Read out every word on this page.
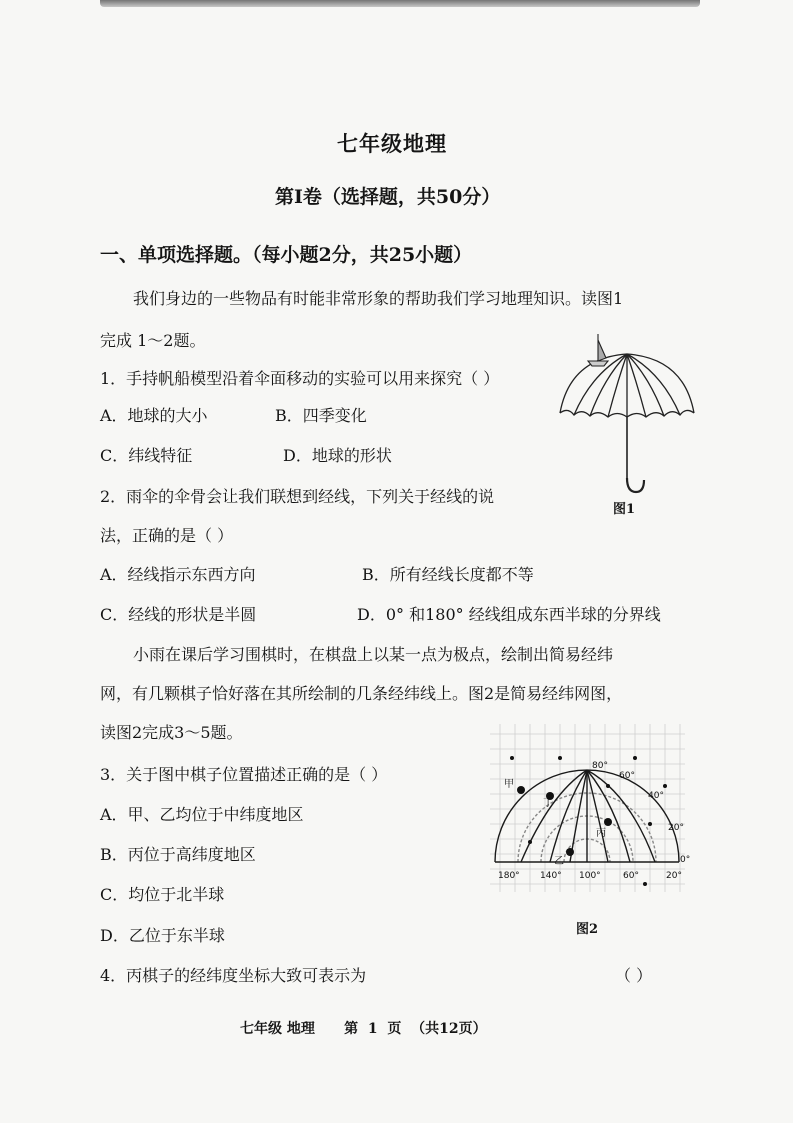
七年级地理
第Ⅰ卷（选择题，共50分）
一、单项选择题。（每小题2分，共25小题）
我们身边的一些物品有时能非常形象的帮助我们学习地理知识。读图1
完成 1～2题。
1．手持帆船模型沿着伞面移动的实验可以用来探究（ ）
A．地球的大小	B．四季变化
C．纬线特征	D．地球的形状
2．雨伞的伞骨会让我们联想到经线，下列关于经线的说
法，正确的是（ ）
A．经线指示东西方向	B．所有经线长度都不等
C．经线的形状是半圆	D．0° 和180° 经线组成东西半球的分界线
小雨在课后学习围棋时，在棋盘上以某一点为极点，绘制出简易经纬
网，有几颗棋子恰好落在其所绘制的几条经纬线上。图2是简易经纬网图，
读图2完成3～5题。
3．关于图中棋子位置描述正确的是（ ）
A．甲、乙均位于中纬度地区
B．丙位于高纬度地区
C．均位于北半球
D．乙位于东半球
4．丙棋子的经纬度坐标大致可表示为	（ ）
图1
甲
丁
丙
乙
80°
60°
40°
20°
0°
180° 140° 100° 60°	20°
图2
七年级 地理      第  1  页  （共12页）
